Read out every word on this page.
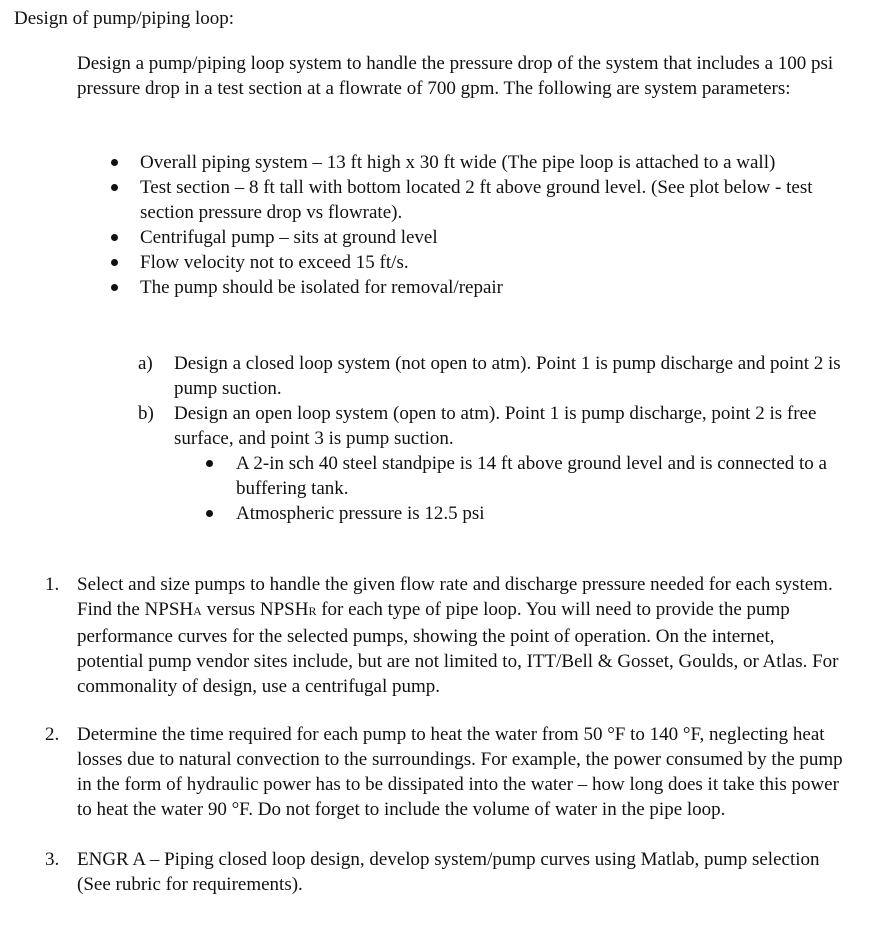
Design of pump/piping loop:

Design a pump/piping loop system to handle the pressure drop of the system that includes a 100 psi pressure drop in a test section at a flowrate of 700 gpm. The following are system parameters:

Overall piping system – 13 ft high x 30 ft wide (The pipe loop is attached to a wall)
Test section – 8 ft tall with bottom located 2 ft above ground level. (See plot below - test section pressure drop vs flowrate).
Centrifugal pump – sits at ground level
Flow velocity not to exceed 15 ft/s.
The pump should be isolated for removal/repair
a) Design a closed loop system (not open to atm). Point 1 is pump discharge and point 2 is pump suction.
b) Design an open loop system (open to atm). Point 1 is pump discharge, point 2 is free surface, and point 3 is pump suction.
A 2-in sch 40 steel standpipe is 14 ft above ground level and is connected to a buffering tank.
Atmospheric pressure is 12.5 psi
1. Select and size pumps to handle the given flow rate and discharge pressure needed for each system. Find the NPSHA versus NPSHR for each type of pipe loop. You will need to provide the pump performance curves for the selected pumps, showing the point of operation. On the internet, potential pump vendor sites include, but are not limited to, ITT/Bell & Gosset, Goulds, or Atlas. For commonality of design, use a centrifugal pump.
2. Determine the time required for each pump to heat the water from 50 °F to 140 °F, neglecting heat losses due to natural convection to the surroundings. For example, the power consumed by the pump in the form of hydraulic power has to be dissipated into the water – how long does it take this power to heat the water 90 °F. Do not forget to include the volume of water in the pipe loop.
3. ENGR A – Piping closed loop design, develop system/pump curves using Matlab, pump selection (See rubric for requirements).
